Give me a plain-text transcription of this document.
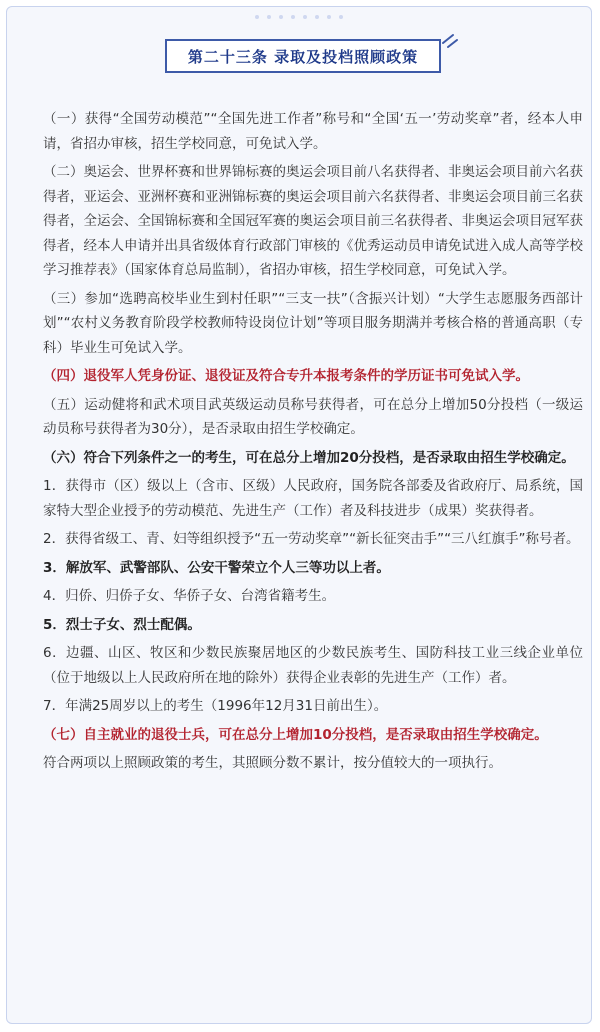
第二十三条 录取及投档照顾政策

（一）获得“全国劳动模范”“全国先进工作者”称号和“全国‘五一’劳动奖章”者，经本人申请，省招办审核，招生学校同意，可免试入学。

（二）奥运会、世界杯赛和世界锦标赛的奥运会项目前八名获得者、非奥运会项目前六名获得者，亚运会、亚洲杯赛和亚洲锦标赛的奥运会项目前六名获得者、非奥运会项目前三名获得者，全运会、全国锦标赛和全国冠军赛的奥运会项目前三名获得者、非奥运会项目冠军获得者，经本人申请并出具省级体育行政部门审核的《优秀运动员申请免试进入成人高等学校学习推荐表》（国家体育总局监制），省招办审核，招生学校同意，可免试入学。

（三）参加“选聘高校毕业生到村任职”“三支一扶”（含振兴计划）“大学生志愿服务西部计划”“农村义务教育阶段学校教师特设岗位计划”等项目服务期满并考核合格的普通高职（专科）毕业生可免试入学。

（四）退役军人凭身份证、退役证及符合专升本报考条件的学历证书可免试入学。

（五）运动健将和武术项目武英级运动员称号获得者，可在总分上增加50分投档（一级运动员称号获得者为30分），是否录取由招生学校确定。

（六）符合下列条件之一的考生，可在总分上增加20分投档，是否录取由招生学校确定。

1．获得市（区）级以上（含市、区级）人民政府，国务院各部委及省政府厅、局系统，国家特大型企业授予的劳动模范、先进生产（工作）者及科技进步（成果）奖获得者。

2．获得省级工、青、妇等组织授予“五一劳动奖章”“新长征突击手”“三八红旗手”称号者。

3．解放军、武警部队、公安干警荣立个人三等功以上者。

4．归侨、归侨子女、华侨子女、台湾省籍考生。

5．烈士子女、烈士配偶。

6．边疆、山区、牧区和少数民族聚居地区的少数民族考生、国防科技工业三线企业单位（位于地级以上人民政府所在地的除外）获得企业表彰的先进生产（工作）者。

7．年满25周岁以上的考生（1996年12月31日前出生）。

（七）自主就业的退役士兵，可在总分上增加10分投档，是否录取由招生学校确定。

符合两项以上照顾政策的考生，其照顾分数不累计，按分值较大的一项执行。
